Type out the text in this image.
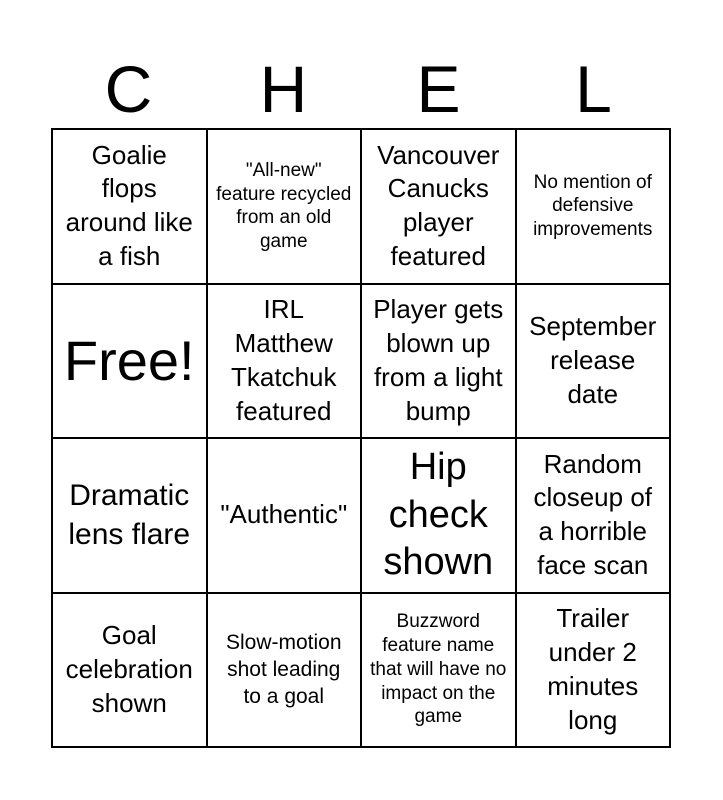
C	H	E	L
Goalie flops around like a fish
"All-new" feature recycled from an old game
Vancouver Canucks player featured
No mention of defensive improvements
Free!
IRL Matthew Tkatchuk featured
Player gets blown up from a light bump
September release date
Dramatic lens flare
"Authentic"
Hip check shown
Random closeup of a horrible face scan
Goal celebration shown
Slow-motion shot leading to a goal
Buzzword feature name that will have no impact on the game
Trailer under 2 minutes long
